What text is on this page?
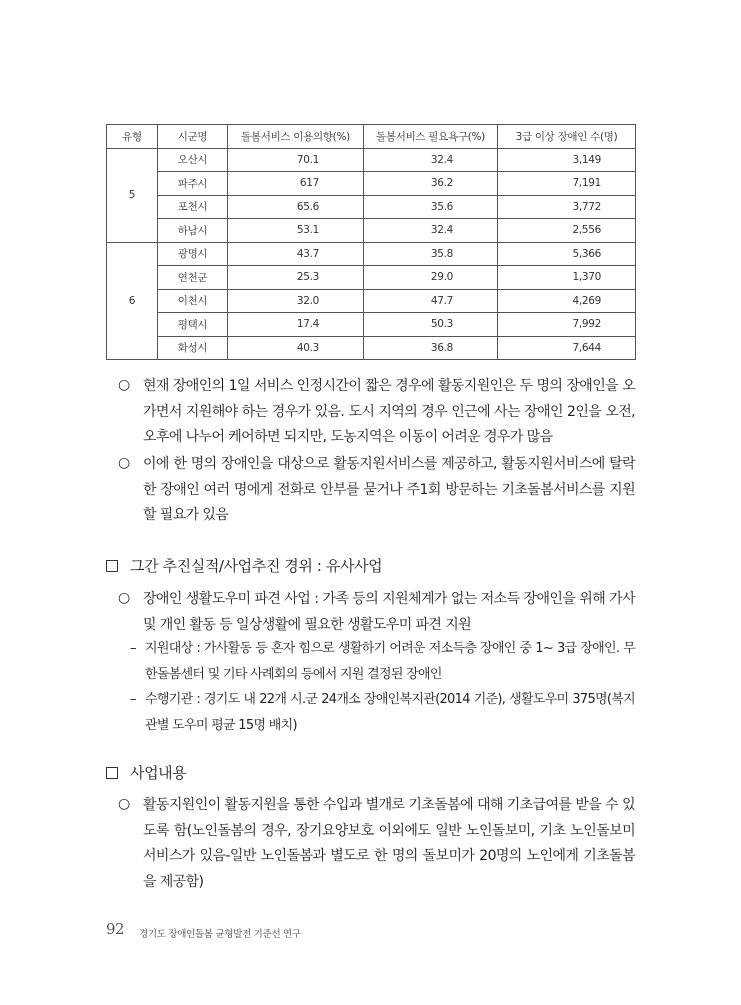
유형	시군명	돌봄서비스 이용의향(%)	돌봄서비스 필요욕구(%)	3급 이상 장애인 수(명)
5	오산시	70.1	32.4	3,149
	파주시	617	36.2	7,191
	포천시	65.6	35.6	3,772
	하남시	53.1	32.4	2,556
6	광명시	43.7	35.8	5,366
	연천군	25.3	29.0	1,370
	이천시	32.0	47.7	4,269
	평택시	17.4	50.3	7,992
	화성시	40.3	36.8	7,644
○ 현재 장애인의 1일 서비스 인정시간이 짧은 경우에 활동지원인은 두 명의 장애인을 오가면서 지원해야 하는 경우가 있음. 도시 지역의 경우 인근에 사는 장애인 2인을 오전, 오후에 나누어 케어하면 되지만, 도농지역은 이동이 어려운 경우가 많음
○ 이에 한 명의 장애인을 대상으로 활동지원서비스를 제공하고, 활동지원서비스에 탈락한 장애인 여러 명에게 전화로 안부를 묻거나 주1회 방문하는 기초돌봄서비스를 지원할 필요가 있음
그간 추진실적/사업추진 경위 : 유사사업
○ 장애인 생활도우미 파견 사업 : 가족 등의 지원체계가 없는 저소득 장애인을 위해 가사 및 개인 활동 등 일상생활에 필요한 생활도우미 파견 지원
– 지원대상 : 가사활동 등 혼자 힘으로 생활하기 어려운 저소득층 장애인 중 1~ 3급 장애인. 무한돌봄센터 및 기타 사례회의 등에서 지원 결정된 장애인
– 수행기관 : 경기도 내 22개 시.군 24개소 장애인복지관(2014 기준), 생활도우미 375명(복지관별 도우미 평균 15명 배치)
사업내용
○ 활동지원인이 활동지원을 통한 수입과 별개로 기초돌봄에 대해 기초급여를 받을 수 있도록 함(노인돌봄의 경우, 장기요양보호 이외에도 일반 노인돌보미, 기초 노인돌보미 서비스가 있음-일반 노인돌봄과 별도로 한 명의 돌보미가 20명의 노인에게 기초돌봄을 제공함)
92 경기도 장애인돌봄 균형발전 기준선 연구
